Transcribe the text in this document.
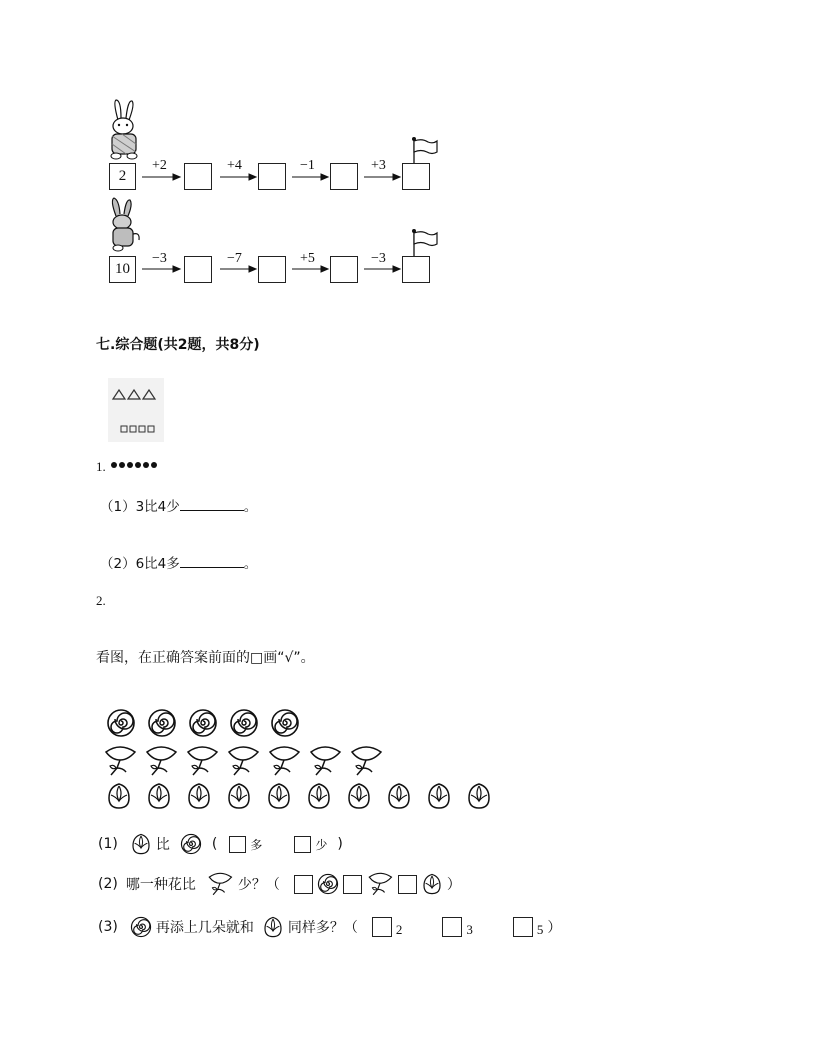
2
+2	+4	−1	+3
10
−3	−7	+5	−3
七.综合题(共2题，共8分)
1.
（1）3比4少	。
（2）6比4多	。
2.
看图，在正确答案前面的□画“√”。
(1)	比	(	多	少 )
(2) 哪一种花比	少？（	）
(3)	再添上几朵就和 同样多？（	2	3	5 ）
